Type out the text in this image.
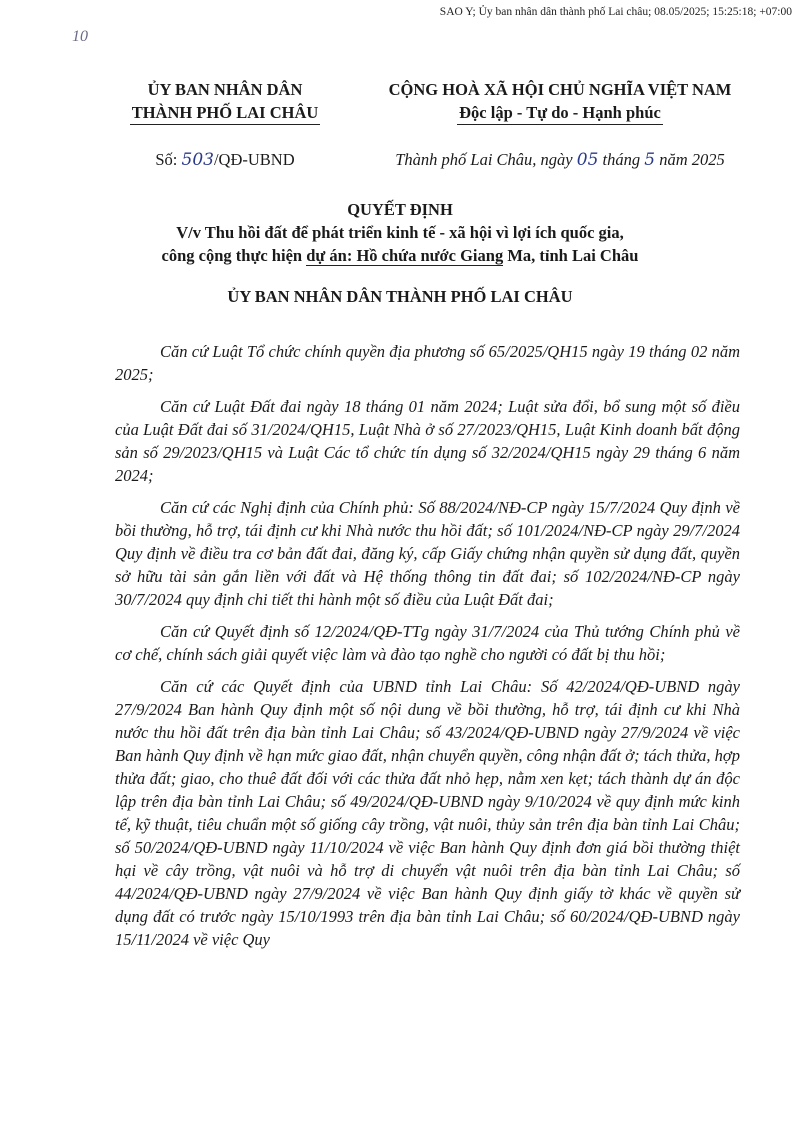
SAO Y; Ủy ban nhân dân thành phố Lai châu; 08.05/2025; 15:25:18; +07:00
10
ỦY BAN NHÂN DÂN
THÀNH PHỐ LAI CHÂU
CỘNG HOÀ XÃ HỘI CHỦ NGHĨA VIỆT NAM
Độc lập - Tự do - Hạnh phúc
Số: 503/QĐ-UBND	Thành phố Lai Châu, ngày 05 tháng 5 năm 2025
QUYẾT ĐỊNH
V/v Thu hồi đất để phát triển kinh tế - xã hội vì lợi ích quốc gia,
công cộng thực hiện dự án: Hồ chứa nước Giang Ma, tỉnh Lai Châu
ỦY BAN NHÂN DÂN THÀNH PHỐ LAI CHÂU

Căn cứ Luật Tổ chức chính quyền địa phương số 65/2025/QH15 ngày 19 tháng 02 năm 2025;

Căn cứ Luật Đất đai ngày 18 tháng 01 năm 2024; Luật sửa đổi, bổ sung một số điều của Luật Đất đai số 31/2024/QH15, Luật Nhà ở số 27/2023/QH15, Luật Kinh doanh bất động sản số 29/2023/QH15 và Luật Các tổ chức tín dụng số 32/2024/QH15 ngày 29 tháng 6 năm 2024;

Căn cứ các Nghị định của Chính phủ: Số 88/2024/NĐ-CP ngày 15/7/2024 Quy định về bồi thường, hỗ trợ, tái định cư khi Nhà nước thu hồi đất; số 101/2024/NĐ-CP ngày 29/7/2024 Quy định về điều tra cơ bản đất đai, đăng ký, cấp Giấy chứng nhận quyền sử dụng đất, quyền sở hữu tài sản gắn liền với đất và Hệ thống thông tin đất đai; số 102/2024/NĐ-CP ngày 30/7/2024 quy định chi tiết thi hành một số điều của Luật Đất đai;

Căn cứ Quyết định số 12/2024/QĐ-TTg ngày 31/7/2024 của Thủ tướng Chính phủ về cơ chế, chính sách giải quyết việc làm và đào tạo nghề cho người có đất bị thu hồi;

Căn cứ các Quyết định của UBND tỉnh Lai Châu: Số 42/2024/QĐ-UBND ngày 27/9/2024 Ban hành Quy định một số nội dung về bồi thường, hỗ trợ, tái định cư khi Nhà nước thu hồi đất trên địa bàn tỉnh Lai Châu; số 43/2024/QĐ-UBND ngày 27/9/2024 về việc Ban hành Quy định về hạn mức giao đất, nhận chuyển quyền, công nhận đất ở; tách thửa, hợp thửa đất; giao, cho thuê đất đối với các thửa đất nhỏ hẹp, nằm xen kẹt; tách thành dự án độc lập trên địa bàn tỉnh Lai Châu; số 49/2024/QĐ-UBND ngày 9/10/2024 về quy định mức kinh tế, kỹ thuật, tiêu chuẩn một số giống cây trồng, vật nuôi, thủy sản trên địa bàn tỉnh Lai Châu; số 50/2024/QĐ-UBND ngày 11/10/2024 về việc Ban hành Quy định đơn giá bồi thường thiệt hại về cây trồng, vật nuôi và hỗ trợ di chuyển vật nuôi trên địa bàn tỉnh Lai Châu; số 44/2024/QĐ-UBND ngày 27/9/2024 về việc Ban hành Quy định giấy tờ khác về quyền sử dụng đất có trước ngày 15/10/1993 trên địa bàn tỉnh Lai Châu; số 60/2024/QĐ-UBND ngày 15/11/2024 về việc Quy
